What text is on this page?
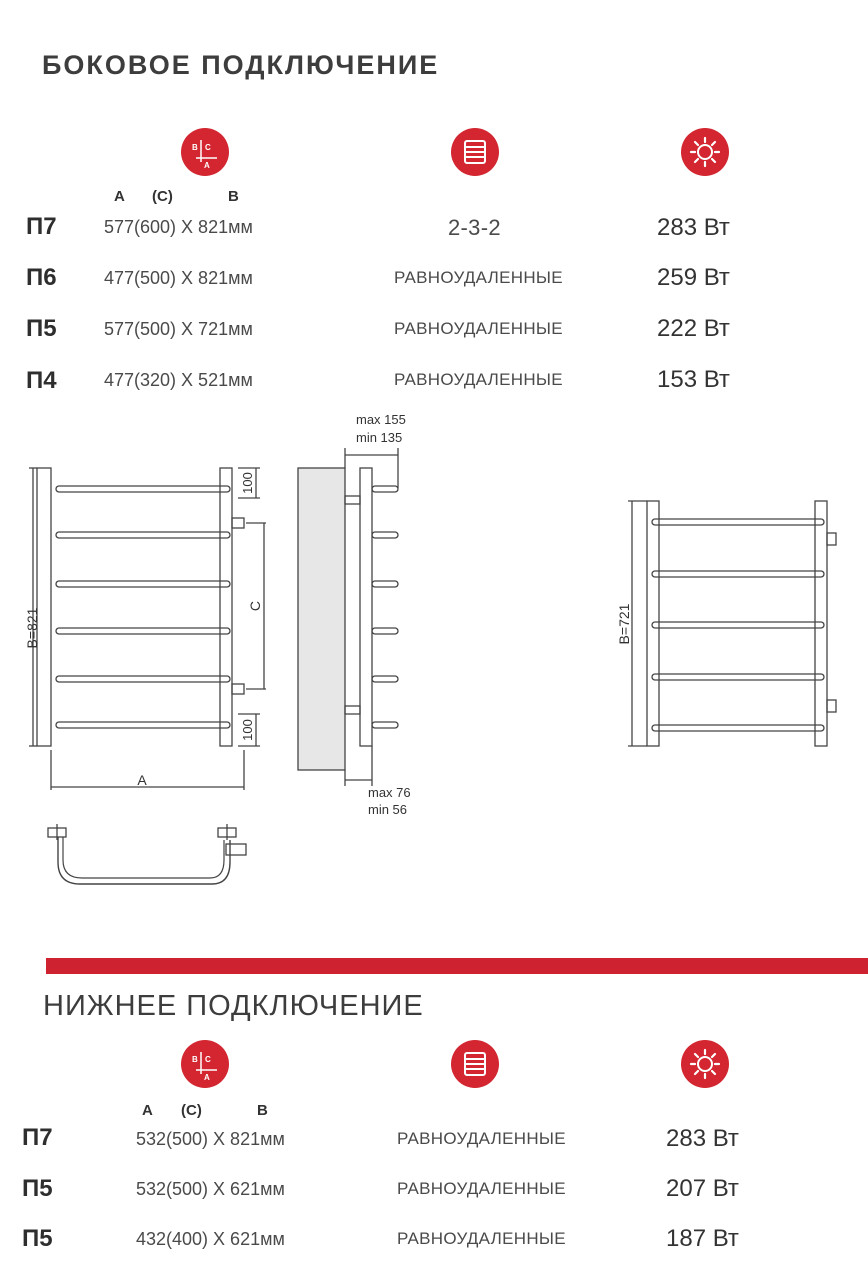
БОКОВОЕ ПОДКЛЮЧЕНИЕ
B C
A
A (C)	B
П7	577(600) X 821мм	2-3-2	283 Вт
П6	477(500) X 821мм	РАВНОУДАЛЕННЫЕ	259 Вт
П5	577(500) X 721мм	РАВНОУДАЛЕННЫЕ	222 Вт
П4	477(320) X 521мм	РАВНОУДАЛЕННЫЕ	153 Вт
B=821
100
C
100
A
max 155
min 135
max 76
min 56
B=721
НИЖНЕЕ ПОДКЛЮЧЕНИЕ
B C
A
A (C)	B
П7	532(500) X 821мм	РАВНОУДАЛЕННЫЕ	283 Вт
П5	532(500) X 621мм	РАВНОУДАЛЕННЫЕ	207 Вт
П5	432(400) X 621мм	РАВНОУДАЛЕННЫЕ	187 Вт
